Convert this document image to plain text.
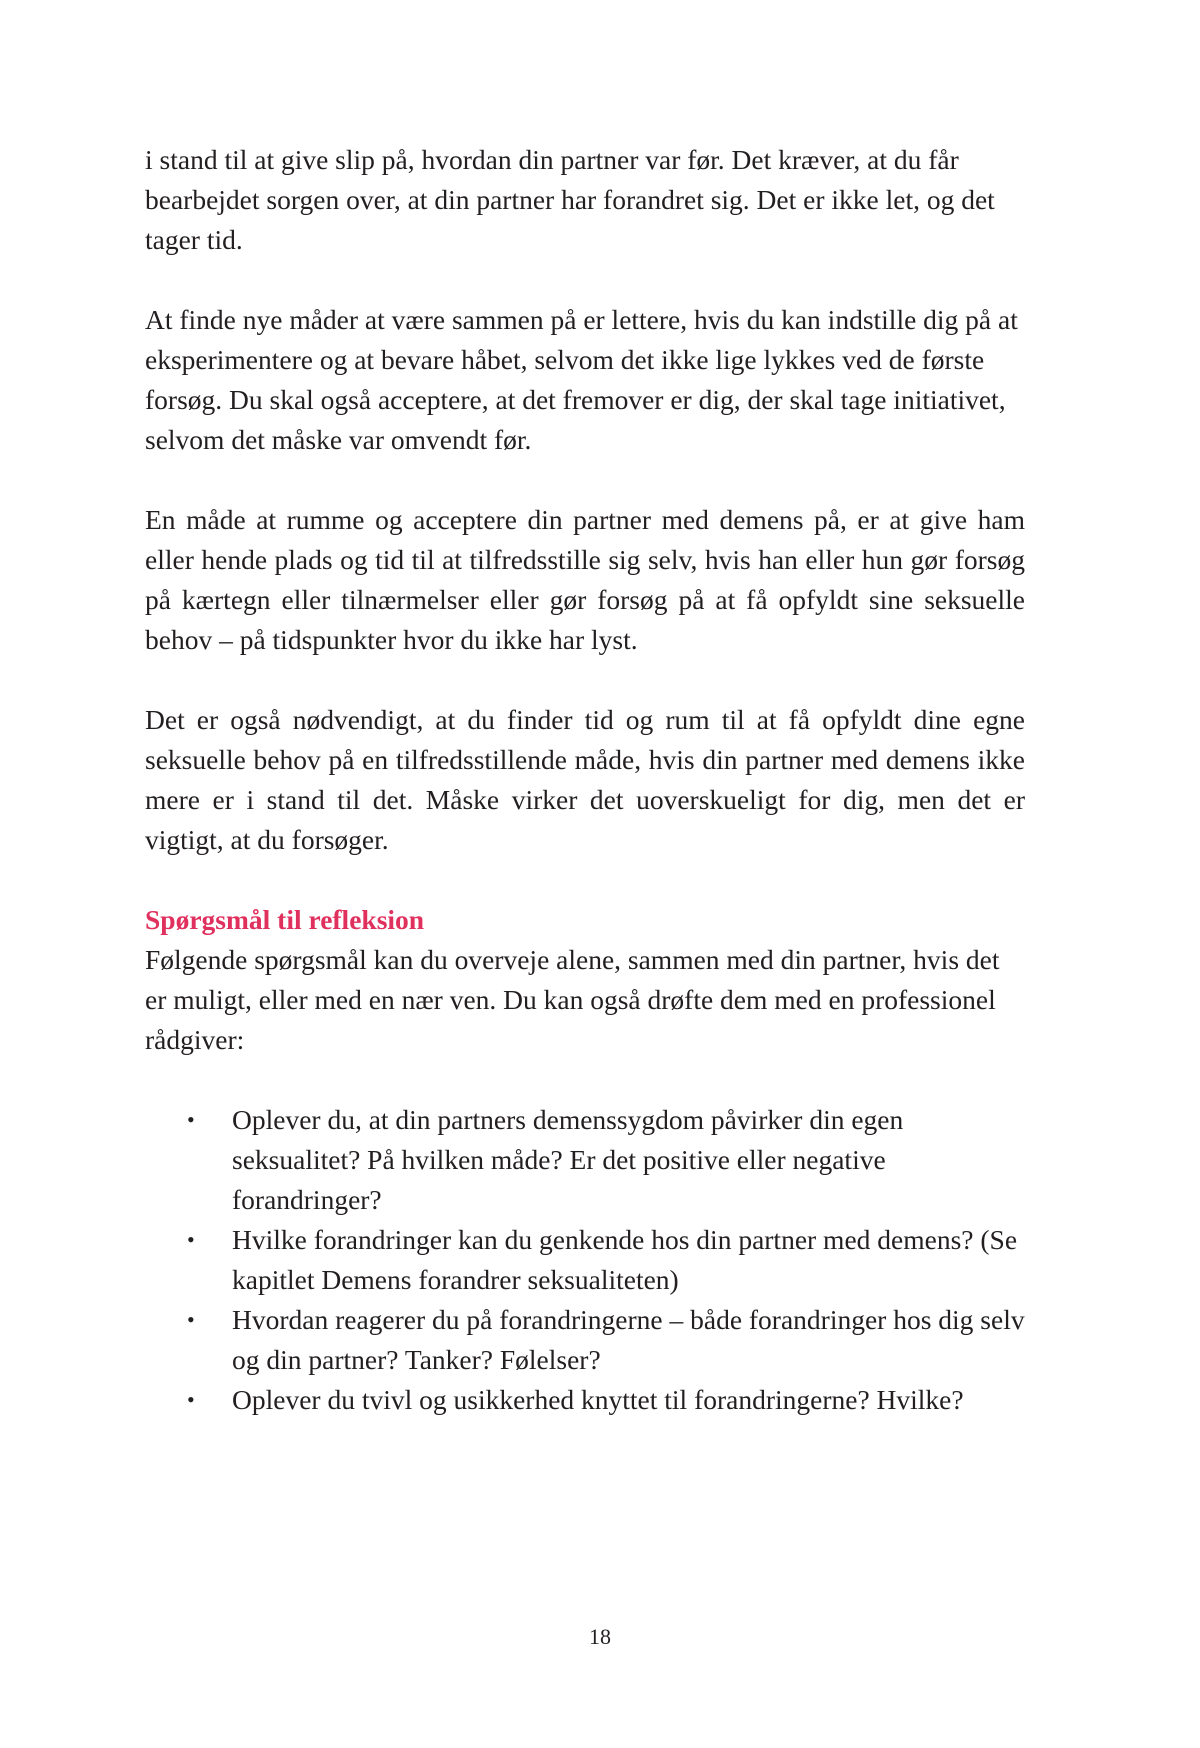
i stand til at give slip på, hvordan din partner var før. Det kræver, at du får bearbejdet sorgen over, at din partner har forandret sig. Det er ikke let, og det tager tid.

At finde nye måder at være sammen på er lettere, hvis du kan indstille dig på at eksperimentere og at bevare håbet, selvom det ikke lige lykkes ved de første forsøg. Du skal også acceptere, at det fremover er dig, der skal tage initiativet, selvom det måske var omvendt før.

En måde at rumme og acceptere din partner med demens på, er at give ham eller hende plads og tid til at tilfredsstille sig selv, hvis han eller hun gør forsøg på kærtegn eller tilnærmelser eller gør forsøg på at få opfyldt sine seksuelle behov – på tidspunkter hvor du ikke har lyst.

Det er også nødvendigt, at du finder tid og rum til at få opfyldt dine egne seksuelle behov på en tilfredsstillende måde, hvis din partner med demens ikke mere er i stand til det. Måske virker det uoverskueligt for dig, men det er vigtigt, at du forsøger.

Spørgsmål til refleksion

Følgende spørgsmål kan du overveje alene, sammen med din partner, hvis det er muligt, eller med en nær ven. Du kan også drøfte dem med en professionel rådgiver:

• Oplever du, at din partners demenssygdom påvirker din egen seksualitet? På hvilken måde? Er det positive eller negative forandringer?
• Hvilke forandringer kan du genkende hos din partner med demens? (Se kapitlet Demens forandrer seksualiteten)
• Hvordan reagerer du på forandringerne – både forandringer hos dig selv og din partner? Tanker? Følelser?
• Oplever du tvivl og usikkerhed knyttet til forandringerne? Hvilke?
18
